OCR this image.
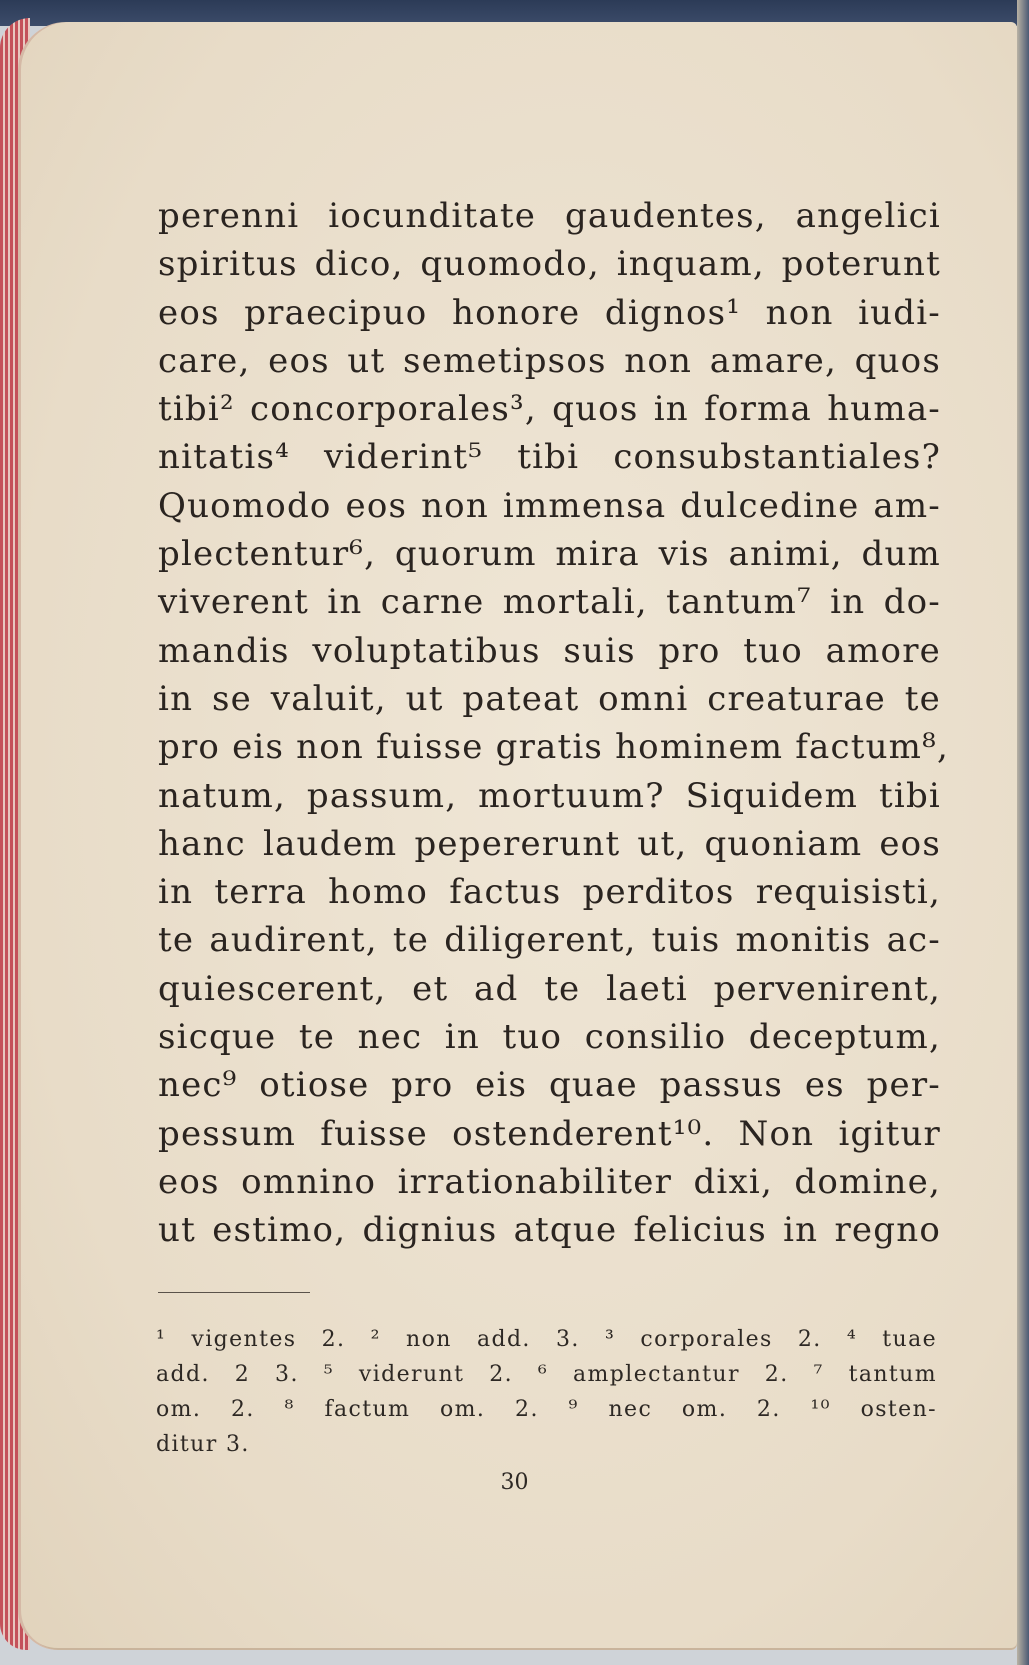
perenni iocunditate gaudentes, angelici
spiritus dico, quomodo, inquam, poterunt
eos praecipuo honore dignos¹ non iudi-
care, eos ut semetipsos non amare, quos
tibi² concorporales³, quos in forma huma-
nitatis⁴ viderint⁵ tibi consubstantiales?
Quomodo eos non immensa dulcedine am-
plectentur⁶, quorum mira vis animi, dum
viverent in carne mortali, tantum⁷ in do-
mandis voluptatibus suis pro tuo amore
in se valuit, ut pateat omni creaturae te
pro eis non fuisse gratis hominem factum⁸,
natum, passum, mortuum? Siquidem tibi
hanc laudem pepererunt ut, quoniam eos
in terra homo factus perditos requisisti,
te audirent, te diligerent, tuis monitis ac-
quiescerent, et ad te laeti pervenirent,
sicque te nec in tuo consilio deceptum,
nec⁹ otiose pro eis quae passus es per-
pessum fuisse ostenderent¹⁰. Non igitur
eos omnino irrationabiliter dixi, domine,
ut estimo, dignius atque felicius in regno
¹ vigentes 2. ² non add. 3. ³ corporales 2. ⁴ tuae
add. 2 3. ⁵ viderunt 2. ⁶ amplectantur 2. ⁷ tantum
om. 2. ⁸ factum om. 2. ⁹ nec om. 2. ¹⁰ osten-
ditur 3.
30
